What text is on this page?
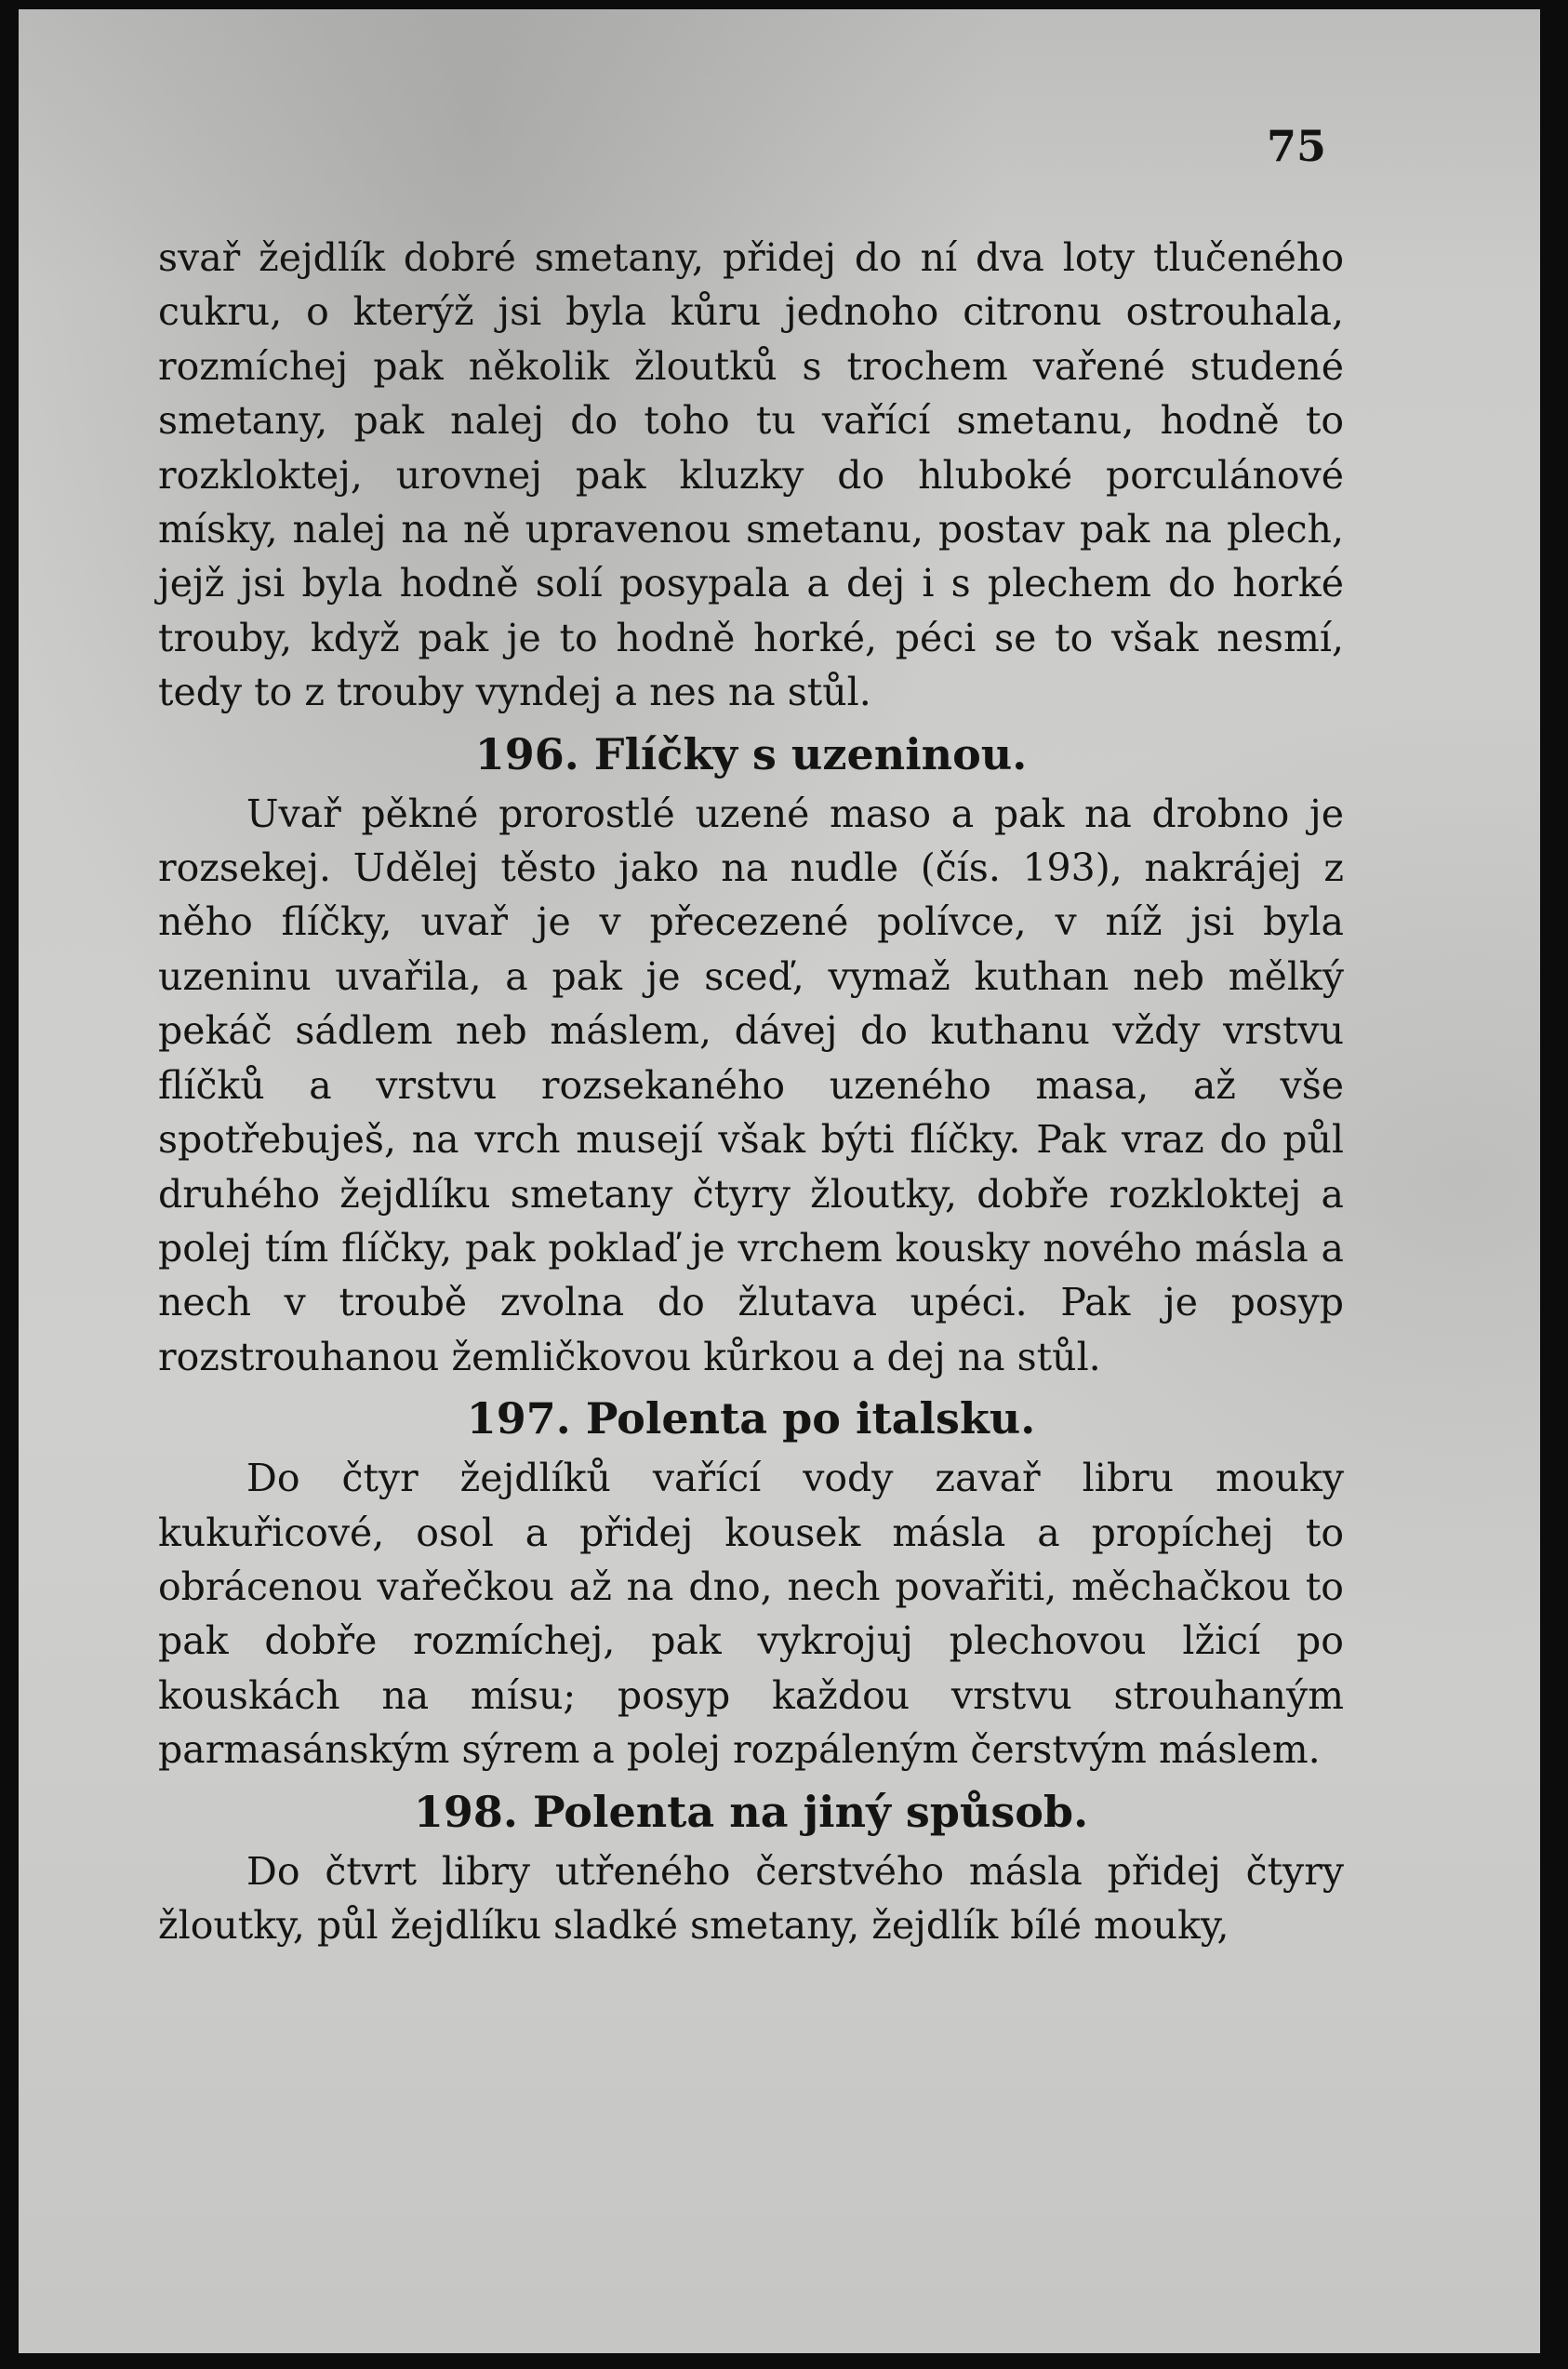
75

svař žejdlík dobré smetany, přidej do ní dva loty tlučeného cukru, o kterýž jsi byla kůru jednoho citronu ostrouhala, rozmíchej pak několik žloutků s trochem vařené studené smetany, pak nalej do toho tu vařící smetanu, hodně to rozkloktej, urovnej pak kluzky do hluboké porculánové mísky, nalej na ně upravenou smetanu, postav pak na plech, jejž jsi byla hodně solí posypala a dej i s plechem do horké trouby, když pak je to hodně horké, péci se to však nesmí, tedy to z trouby vyndej a nes na stůl.

196. Flíčky s uzeninou.

Uvař pěkné prorostlé uzené maso a pak na drobno je rozsekej. Udělej těsto jako na nudle (čís. 193), nakrájej z něho flíčky, uvař je v přecezené polívce, v níž jsi byla uzeninu uvařila, a pak je sceď, vymaž kuthan neb mělký pekáč sádlem neb máslem, dávej do kuthanu vždy vrstvu flíčků a vrstvu rozsekaného uzeného masa, až vše spotřebuješ, na vrch musejí však býti flíčky. Pak vraz do půl druhého žejdlíku smetany čtyry žloutky, dobře rozkloktej a polej tím flíčky, pak poklaď je vrchem kousky nového másla a nech v troubě zvolna do žlutava upéci. Pak je posyp rozstrouhanou žemličkovou kůrkou a dej na stůl.

197. Polenta po italsku.

Do čtyr žejdlíků vařící vody zavař libru mouky kukuřicové, osol a přidej kousek másla a propíchej to obrácenou vařečkou až na dno, nech povařiti, měchačkou to pak dobře rozmíchej, pak vykrojuj plechovou lžicí po kouskách na mísu; posyp každou vrstvu strouhaným parmasánským sýrem a polej rozpáleným čerstvým máslem.

198. Polenta na jiný spůsob.

Do čtvrt libry utřeného čerstvého másla přidej čtyry žloutky, půl žejdlíku sladké smetany, žejdlík bílé mouky,
